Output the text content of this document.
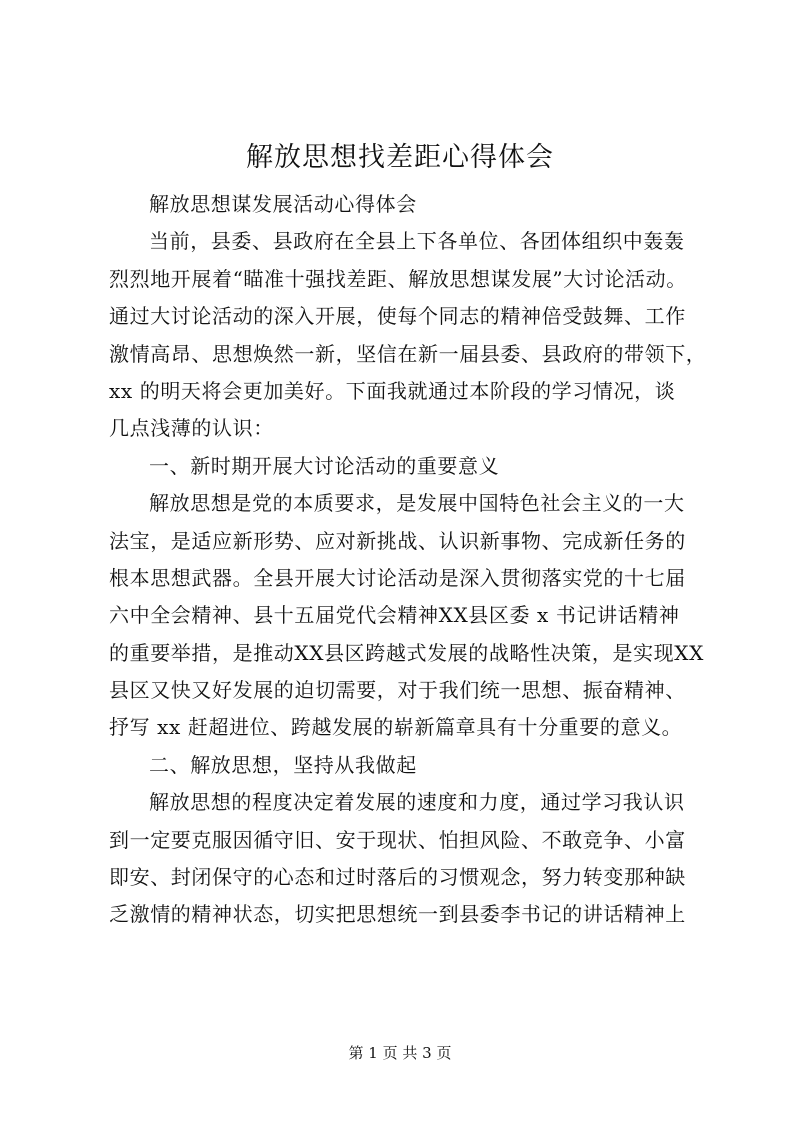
解放思想找差距心得体会
解放思想谋发展活动心得体会
当前，县委、县政府在全县上下各单位、各团体组织中轰轰
烈烈地开展着“瞄准十强找差距、解放思想谋发展”大讨论活动。
通过大讨论活动的深入开展，使每个同志的精神倍受鼓舞、工作
激情高昂、思想焕然一新，坚信在新一届县委、县政府的带领下，
xx 的明天将会更加美好。下面我就通过本阶段的学习情况，谈
几点浅薄的认识：
一、新时期开展大讨论活动的重要意义
解放思想是党的本质要求，是发展中国特色社会主义的一大
法宝，是适应新形势、应对新挑战、认识新事物、完成新任务的
根本思想武器。全县开展大讨论活动是深入贯彻落实党的十七届
六中全会精神、县十五届党代会精神XX县区委 x 书记讲话精神
的重要举措，是推动XX县区跨越式发展的战略性决策，是实现XX
县区又快又好发展的迫切需要，对于我们统一思想、振奋精神、
抒写 xx 赶超进位、跨越发展的崭新篇章具有十分重要的意义。
二、解放思想，坚持从我做起
解放思想的程度决定着发展的速度和力度，通过学习我认识
到一定要克服因循守旧、安于现状、怕担风险、不敢竞争、小富
即安、封闭保守的心态和过时落后的习惯观念，努力转变那种缺
乏激情的精神状态，切实把思想统一到县委李书记的讲话精神上
第 1 页 共 3 页
